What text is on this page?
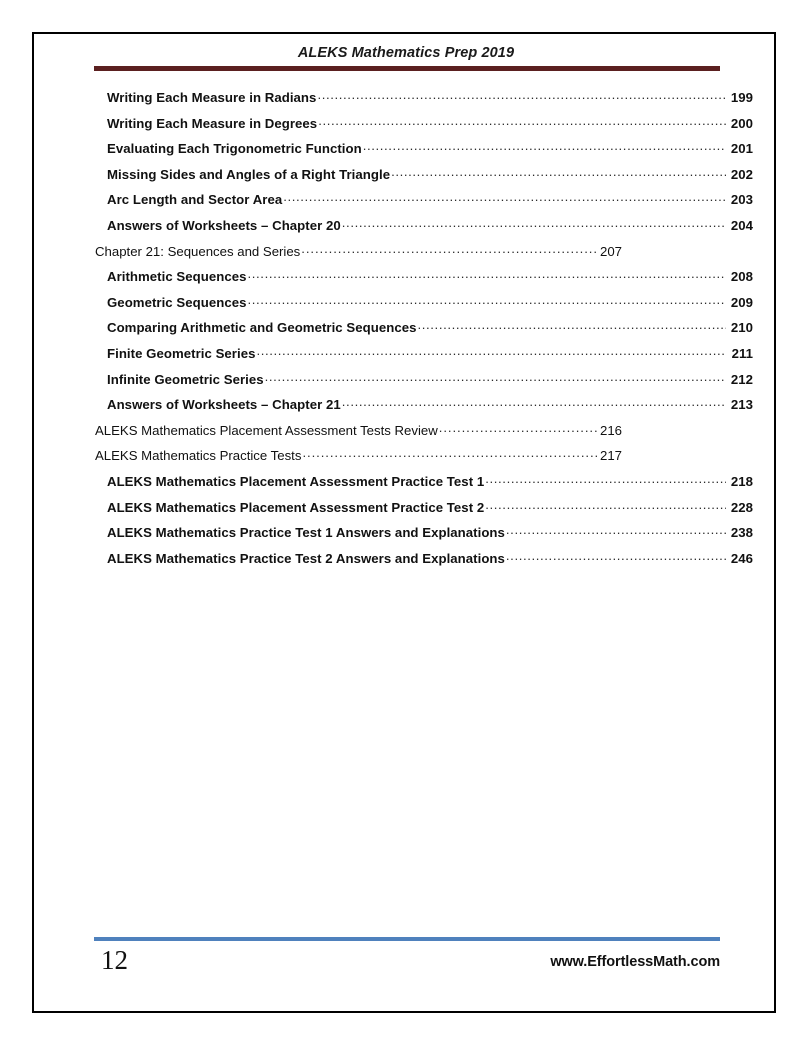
ALEKS Mathematics Prep 2019
Writing Each Measure in Radians .....	199
Writing Each Measure in Degrees .....	200
Evaluating Each Trigonometric Function .....	201
Missing Sides and Angles of a Right Triangle .....	202
Arc Length and Sector Area .....	203
Answers of Worksheets – Chapter 20 .....	204
Chapter 21: Sequences and Series .....	207
Arithmetic Sequences .....	208
Geometric Sequences .....	209
Comparing Arithmetic and Geometric Sequences .....	210
Finite Geometric Series .....	211
Infinite Geometric Series .....	212
Answers of Worksheets – Chapter 21 .....	213
ALEKS Mathematics Placement Assessment Tests Review .....	216
ALEKS Mathematics Practice Tests .....	217
ALEKS Mathematics Placement Assessment Practice Test 1 .....	218
ALEKS Mathematics Placement Assessment Practice Test 2 .....	228
ALEKS Mathematics Practice Test 1 Answers and Explanations .....	238
ALEKS Mathematics Practice Test 2 Answers and Explanations .....	246
12	www.EffortlessMath.com
